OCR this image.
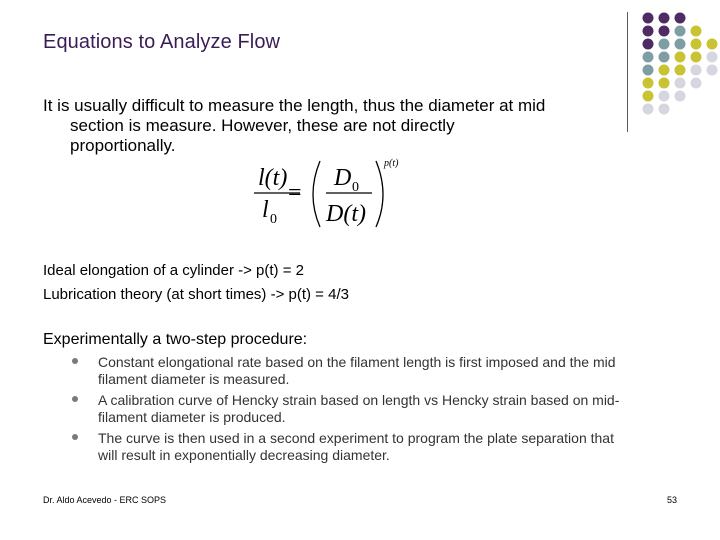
Equations to Analyze Flow
It is usually difficult to measure the length, thus the diameter at mid
section is measure. However, these are not directly
proportionally.
l(t)
l 0
=
D 0
D(t)
p(t)
Ideal elongation of a cylinder -> p(t) = 2
Lubrication theory (at short times) -> p(t) = 4/3
Experimentally a two-step procedure:
Constant elongational rate based on the filament length is first imposed and the mid filament diameter is measured.
A calibration curve of Hencky strain based on length vs Hencky strain based on mid-filament diameter is produced.
The curve is then used in a second experiment to program the plate separation that will result in exponentially decreasing diameter.
Dr. Aldo Acevedo - ERC SOPS	53
